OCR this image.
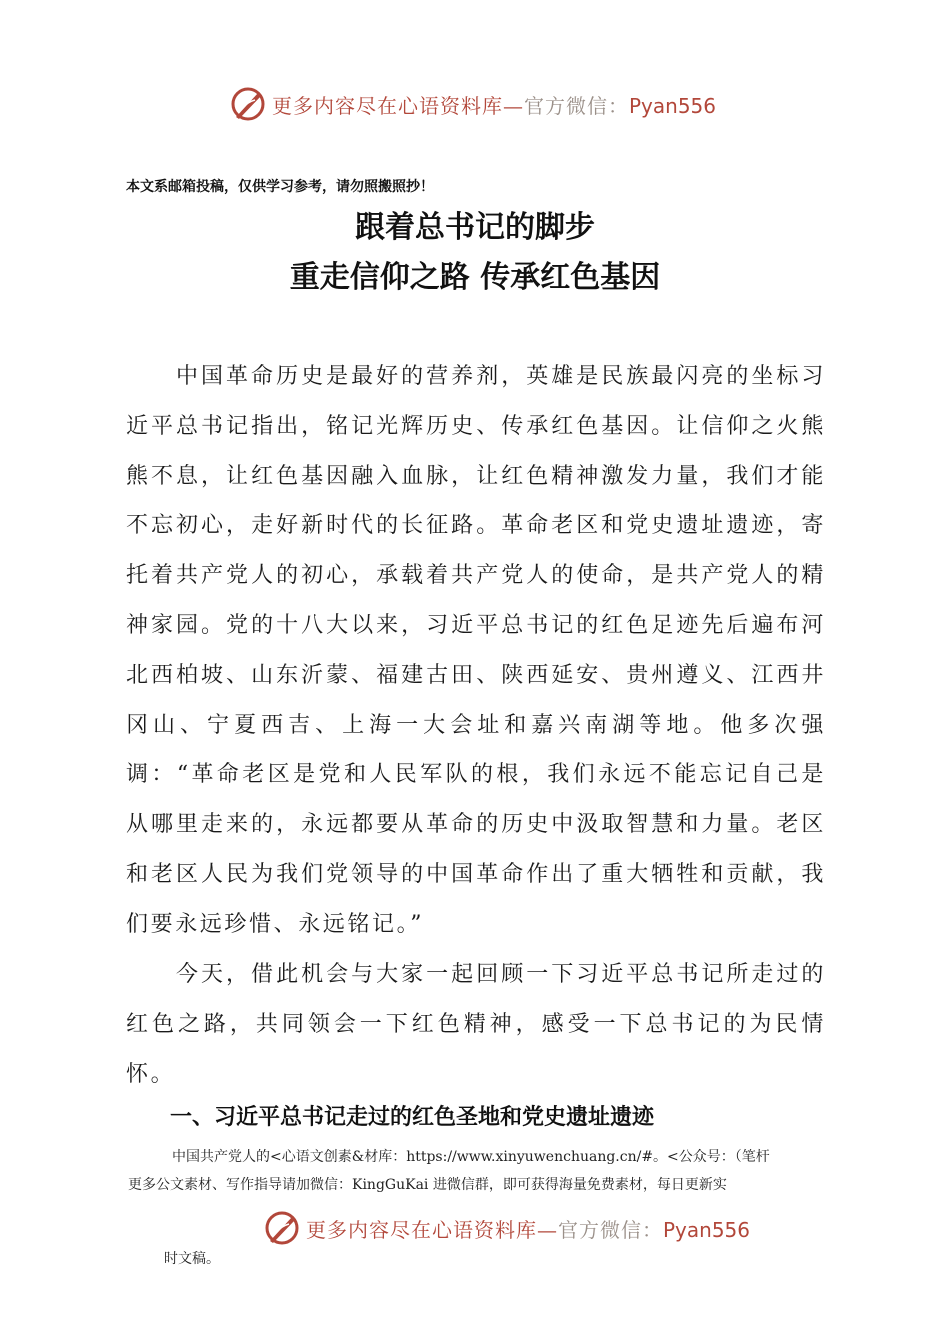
更多内容尽在心语资料库—官方微信：Pyan556
本文系邮箱投稿，仅供学习参考，请勿照搬照抄！
跟着总书记的脚步
重走信仰之路 传承红色基因

中国革命历史是最好的营养剂，英雄是民族最闪亮的坐标习近平总书记指出，铭记光辉历史、传承红色基因。让信仰之火熊熊不息，让红色基因融入血脉，让红色精神激发力量，我们才能不忘初心，走好新时代的长征路。革命老区和党史遗址遗迹，寄托着共产党人的初心，承载着共产党人的使命，是共产党人的精神家园。党的十八大以来，习近平总书记的红色足迹先后遍布河北西柏坡、山东沂蒙、福建古田、陕西延安、贵州遵义、江西井冈山、宁夏西吉、上海一大会址和嘉兴南湖等地。他多次强调：“革命老区是党和人民军队的根，我们永远不能忘记自己是从哪里走来的，永远都要从革命的历史中汲取智慧和力量。老区和老区人民为我们党领导的中国革命作出了重大牺牲和贡献，我们要永远珍惜、永远铭记。”

今天，借此机会与大家一起回顾一下习近平总书记所走过的红色之路，共同领会一下红色精神，感受一下总书记的为民情怀。

一、习近平总书记走过的红色圣地和党史遗址遗迹
中国共产党人的<心语文创素&材库：https://www.xinyuwenchuang.cn/#。<公众号：（笔杆
更多公文素材、写作指导请加微信：KingGuKai 进微信群，即可获得海量免费素材，每日更新实
更多内容尽在心语资料库—官方微信：Pyan556
时文稿。
